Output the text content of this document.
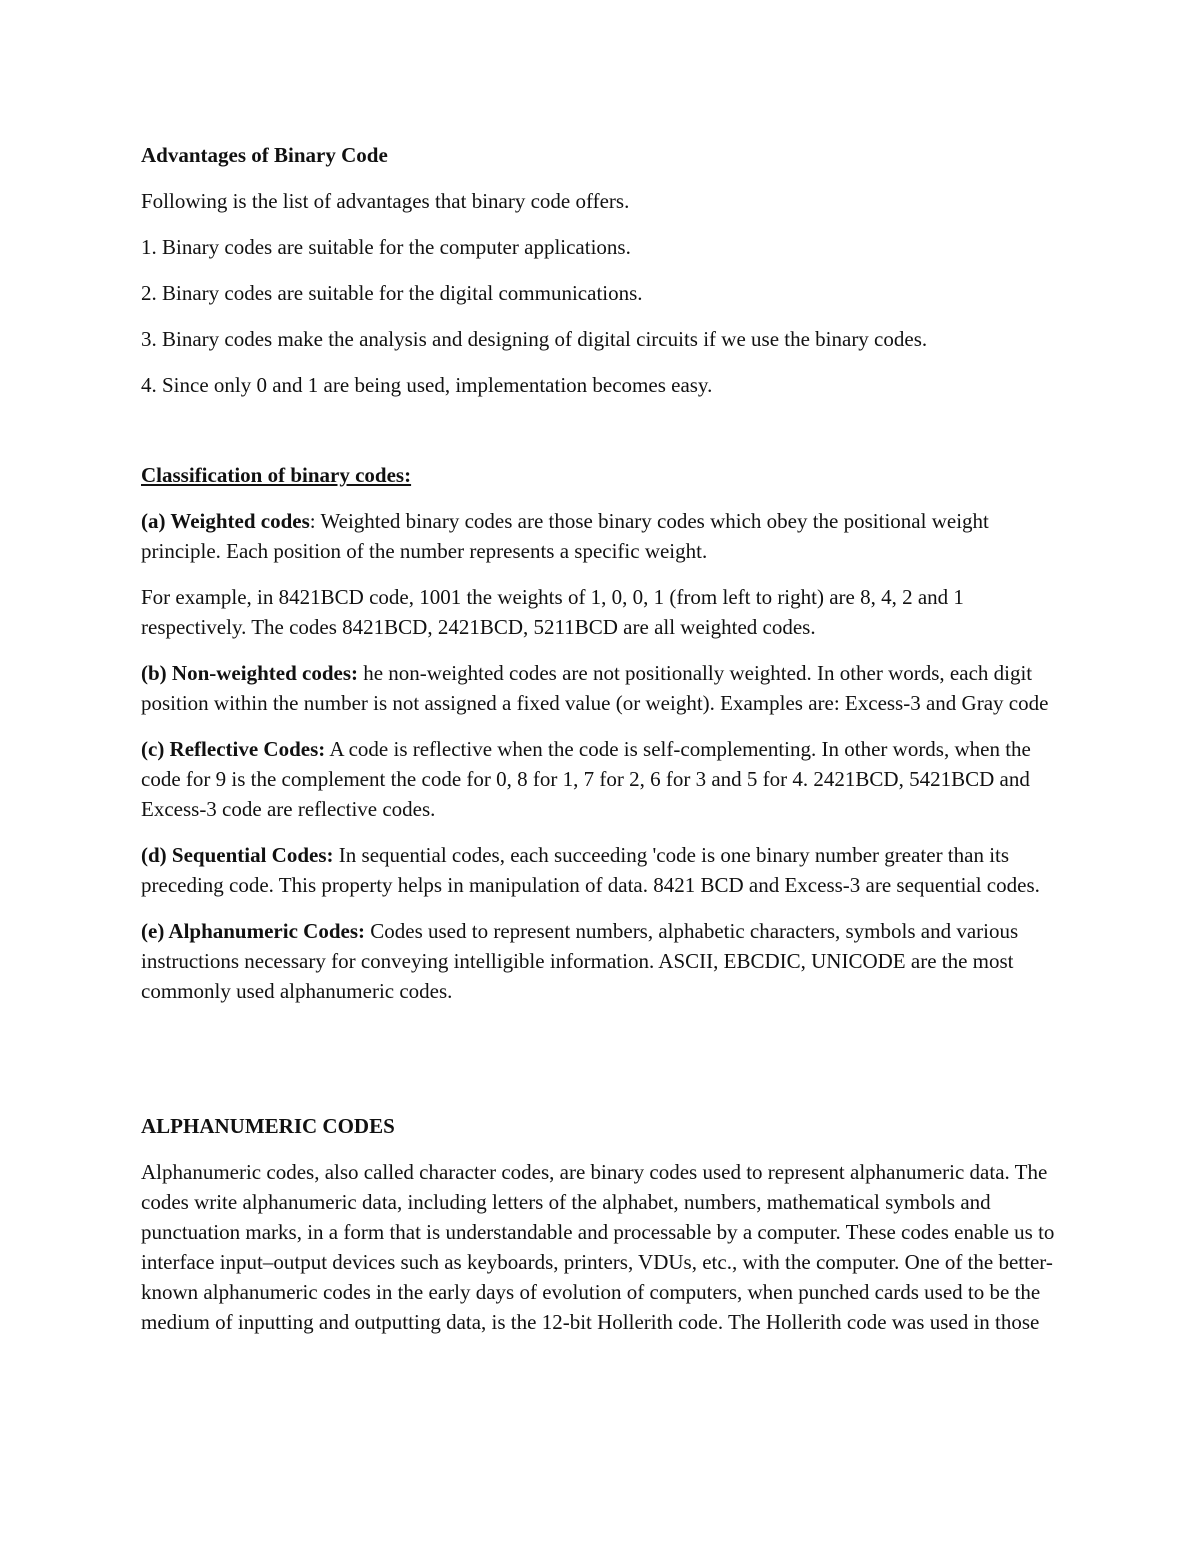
Advantages of Binary Code

Following is the list of advantages that binary code offers.

1. Binary codes are suitable for the computer applications.

2. Binary codes are suitable for the digital communications.

3. Binary codes make the analysis and designing of digital circuits if we use the binary codes.

4. Since only 0 and 1 are being used, implementation becomes easy.

Classification of binary codes:

(a) Weighted codes: Weighted binary codes are those binary codes which obey the positional weight principle. Each position of the number represents a specific weight.

For example, in 8421BCD code, 1001 the weights of 1, 0, 0, 1 (from left to right) are 8, 4, 2 and 1 respectively. The codes 8421BCD, 2421BCD, 5211BCD are all weighted codes.

(b) Non-weighted codes: he non-weighted codes are not positionally weighted. In other words, each digit position within the number is not assigned a fixed value (or weight). Examples are: Excess-3 and Gray code

(c) Reflective Codes: A code is reflective when the code is self-complementing. In other words, when the code for 9 is the complement the code for 0, 8 for 1, 7 for 2, 6 for 3 and 5 for 4. 2421BCD, 5421BCD and Excess-3 code are reflective codes.

(d) Sequential Codes: In sequential codes, each succeeding 'code is one binary number greater than its preceding code. This property helps in manipulation of data. 8421 BCD and Excess-3 are sequential codes.

(e) Alphanumeric Codes: Codes used to represent numbers, alphabetic characters, symbols and various instructions necessary for conveying intelligible information. ASCII, EBCDIC, UNICODE are the most commonly used alphanumeric codes.

ALPHANUMERIC CODES

Alphanumeric codes, also called character codes, are binary codes used to represent alphanumeric data. The codes write alphanumeric data, including letters of the alphabet, numbers, mathematical symbols and punctuation marks, in a form that is understandable and processable by a computer. These codes enable us to interface input–output devices such as keyboards, printers, VDUs, etc., with the computer. One of the better-known alphanumeric codes in the early days of evolution of computers, when punched cards used to be the medium of inputting and outputting data, is the 12-bit Hollerith code. The Hollerith code was used in those
